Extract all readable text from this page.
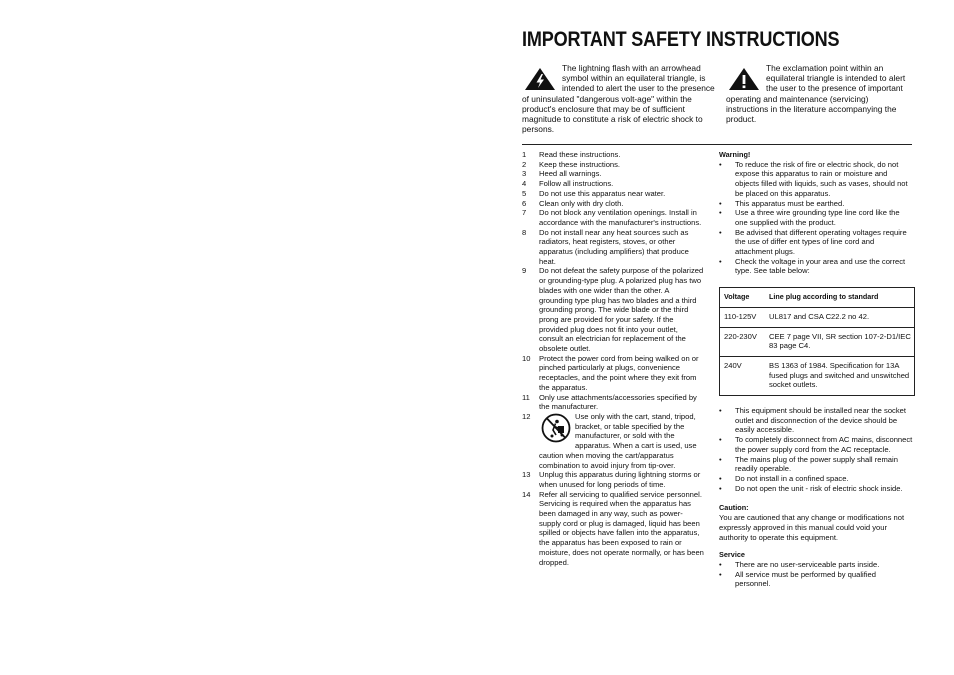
IMPORTANT SAFETY INSTRUCTIONS
The lightning flash with an arrowhead symbol within an equilateral triangle, is intended to alert the user to the presence of uninsulated "dangerous volt-age" within the product's enclosure that may be of sufficient magnitude to constitute a risk of electric shock to persons.
The exclamation point within an equilateral triangle is intended to alert the user to the presence of important operating and maintenance (servicing) instructions in the literature accompanying the product.
1 Read these instructions.
2 Keep these instructions.
3 Heed all warnings.
4 Follow all instructions.
5 Do not use this apparatus near water.
6 Clean only with dry cloth.
7 Do not block any ventilation openings. Install in accordance with the manufacturer's instructions.
8 Do not install near any heat sources such as radiators, heat registers, stoves, or other apparatus (including amplifiers) that produce heat.
9 Do not defeat the safety purpose of the polarized or grounding-type plug. A polarized plug has two blades with one wider than the other. A grounding type plug has two blades and a third grounding prong. The wide blade or the third prong are provided for your safety. If the provided plug does not fit into your outlet, consult an electrician for replacement of the obsolete outlet.
10 Protect the power cord from being walked on or pinched particularly at plugs, convenience receptacles, and the point where they exit from the apparatus.
11 Only use attachments/accessories specified by the manufacturer.
12	Use only with the cart, stand, tripod, bracket, or table specified by the manufacturer, or sold with the apparatus. When a cart is used, use caution when moving the cart/apparatus combination to avoid injury from tip-over.
13 Unplug this apparatus during lightning storms or when unused for long periods of time.
14 Refer all servicing to qualified service personnel. Servicing is required when the apparatus has been damaged in any way, such as power-supply cord or plug is damaged, liquid has been spilled or objects have fallen into the apparatus, the apparatus has been exposed to rain or moisture, does not operate normally, or has been dropped.
Warning!
• To reduce the risk of fire or electric shock, do not expose this apparatus to rain or moisture and objects filled with liquids, such as vases, should not be placed on this apparatus.
• This apparatus must be earthed.
• Use a three wire grounding type line cord like the one supplied with the product.
• Be advised that different operating voltages require the use of differ ent types of line cord and attachment plugs.
• Check the voltage in your area and use the correct type. See table below:
Voltage	Line plug according to standard
110-125V	UL817 and CSA C22.2 no 42.
220-230V	CEE 7 page VII, SR section 107-2-D1/IEC 83 page C4.
240V	BS 1363 of 1984. Specification for 13A fused plugs and switched and unswitched socket outlets.
• This equipment should be installed near the socket outlet and disconnection of the device should be easily accessible.
• To completely disconnect from AC mains, disconnect the power supply cord from the AC receptacle.
• The mains plug of the power supply shall remain readily operable.
• Do not install in a confined space.
• Do not open the unit - risk of electric shock inside.
Caution:
You are cautioned that any change or modifications not expressly approved in this manual could void your authority to operate this equipment.
Service
• There are no user-serviceable parts inside.
• All service must be performed by qualified personnel.
